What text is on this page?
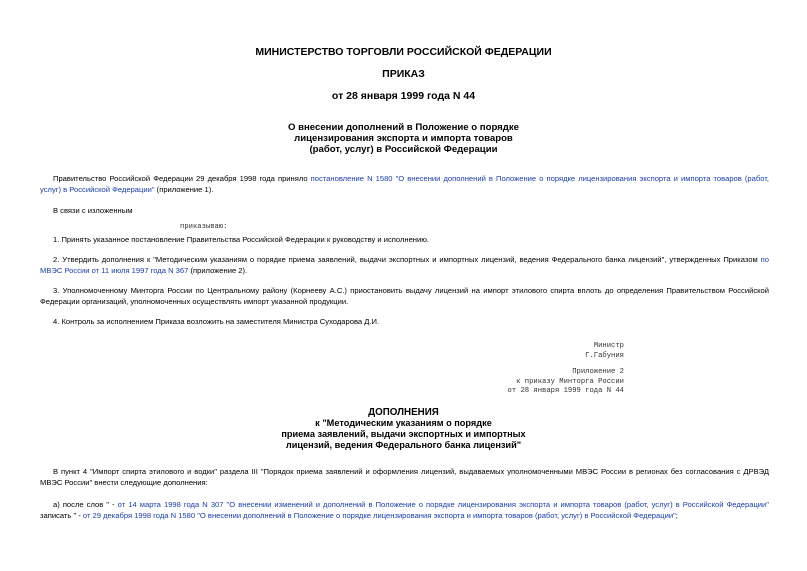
МИНИСТЕРСТВО ТОРГОВЛИ РОССИЙСКОЙ ФЕДЕРАЦИИ
ПРИКАЗ
от 28 января 1999 года N 44
О внесении дополнений в Положение о порядке
лицензирования экспорта и импорта товаров
(работ, услуг) в Российской Федерации
Правительство Российской Федерации 29 декабря 1998 года приняло постановление N 1580 "О внесении дополнений в Положение о порядке лицензирования экспорта и импорта товаров (работ, услуг) в Российской Федерации" (приложение 1).
В связи с изложенным
приказываю:
1. Принять указанное постановление Правительства Российской Федерации к руководству и исполнению.
2. Утвердить дополнения к "Методическим указаниям о порядке приема заявлений, выдачи экспортных и импортных лицензий, ведения Федерального банка лицензий", утвержденных Приказом по МВЭС России от 11 июля 1997 года N 367 (приложение 2).
3. Уполномоченному Минторга России по Центральному району (Корнееву А.С.) приостановить выдачу лицензий на импорт этилового спирта вплоть до определения Правительством Российской Федерации организаций, уполномоченных осуществлять импорт указанной продукции.
4. Контроль за исполнением Приказа возложить на заместителя Министра Суходарова Д.И.
Министр
Г.Габуния
Приложение 2
к приказу Минторга России
от 28 января 1999 года N 44
ДОПОЛНЕНИЯ
к "Методическим указаниям о порядке
приема заявлений, выдачи экспортных и импортных
лицензий, ведения Федерального банка лицензий"
В пункт 4 "Импорт спирта этилового и водки" раздела III "Порядок приема заявлений и оформления лицензий, выдаваемых уполномоченными МВЭС России в регионах без согласования с ДРВЭД МВЭС России" внести следующие дополнения:
а) после слов " - от 14 марта 1998 года N 307 "О внесении изменений и дополнений в Положение о порядке лицензирования экспорта и импорта товаров (работ, услуг) в Российской Федерации" записать " - от 29 декабря 1998 года N 1580 "О внесении дополнений в Положение о порядке лицензирования экспорта и импорта товаров (работ, услуг) в Российской Федерации";
